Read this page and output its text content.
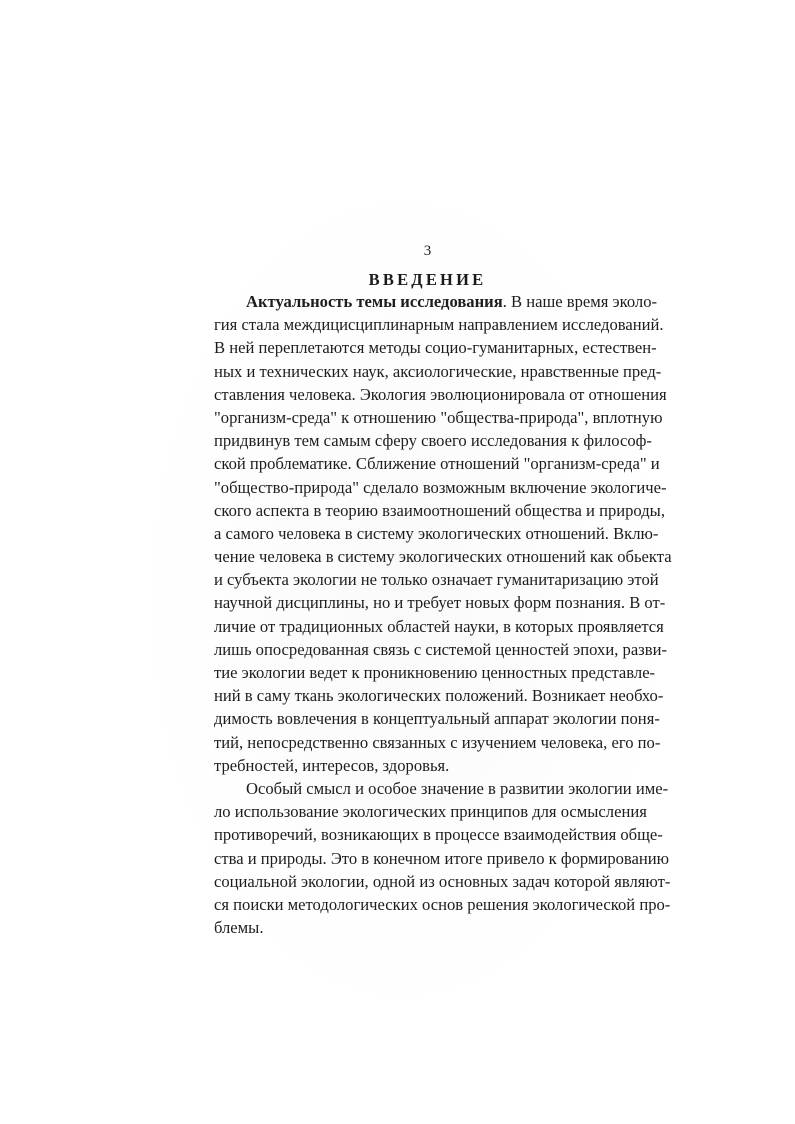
3
ВВЕДЕНИЕ
Актуальность темы исследования. В наше время эколо-
гия стала междицисциплинарным направлением исследований.
В ней переплетаются методы социо-гуманитарных, естествен-
ных и технических наук, аксиологические, нравственные пред-
ставления человека. Экология эволюционировала от отношения
"организм-среда" к отношению "общества-природа", вплотную
придвинув тем самым сферу своего исследования к философ-
ской проблематике. Сближение отношений "организм-среда" и
"общество-природа" сделало возможным включение экологиче-
ского аспекта в теорию взаимоотношений общества и природы,
а самого человека в систему экологических отношений. Вклю-
чение человека в систему экологических отношений как обьекта
и субъекта экологии не только означает гуманитаризацию этой
научной дисциплины, но и требует новых форм познания. В от-
личие от традиционных областей науки, в которых проявляется
лишь опосредованная связь с системой ценностей эпохи, разви-
тие экологии ведет к проникновению ценностных представле-
ний в саму ткань экологических положений. Возникает необхо-
димость вовлечения в концептуальный аппарат экологии поня-
тий, непосредственно связанных с изучением человека, его по-
требностей, интересов, здоровья.
Особый смысл и особое значение в развитии экологии име-
ло использование экологических принципов для осмысления
противоречий, возникающих в процессе взаимодействия обще-
ства и природы. Это в конечном итоге привело к формированию
социальной экологии, одной из основных задач которой являют-
ся поиски методологических основ решения экологической про-
блемы.
